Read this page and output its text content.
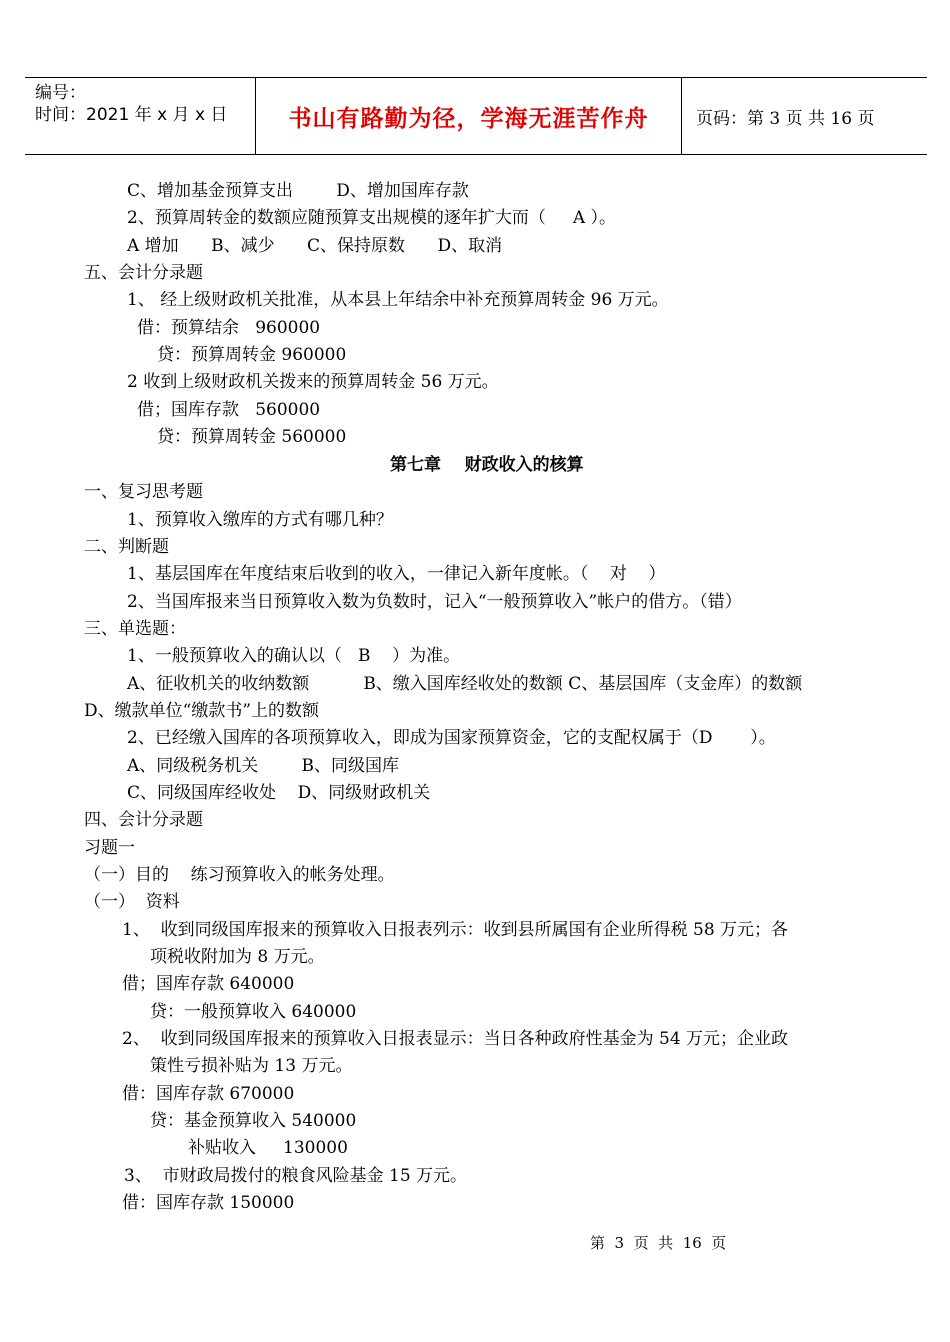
编号：
时间：2021 年 x 月 x 日	书山有路勤为径，学海无涯苦作舟	页码：第 3 页 共 16 页
C、增加基金预算支出        D、增加国库存款
2、预算周转金的数额应随预算支出规模的逐年扩大而（     A ）。
A 增加      B、减少      C、保持原数      D、取消
五、会计分录题
1、 经上级财政机关批准，从本县上年结余中补充预算周转金 96 万元。
借：预算结余   960000
贷：预算周转金 960000
2 收到上级财政机关拨来的预算周转金 56 万元。
借；国库存款   560000
贷：预算周转金 560000
第七章    财政收入的核算
一、复习思考题
1、预算收入缴库的方式有哪几种？
二、判断题
1、基层国库在年度结束后收到的收入，一律记入新年度帐。（    对    ）
2、当国库报来当日预算收入数为负数时，记入“一般预算收入”帐户的借方。（错）
三、单选题：
1、一般预算收入的确认以（   B    ）为准。
A、征收机关的收纳数额          B、缴入国库经收处的数额 C、基层国库（支金库）的数额
D、缴款单位“缴款书”上的数额
2、已经缴入国库的各项预算收入，即成为国家预算资金，它的支配权属于（D       ）。
A、同级税务机关        B、同级国库
C、同级国库经收处    D、同级财政机关
四、会计分录题
习题一
（一）目的    练习预算收入的帐务处理。
（一）  资料
1、  收到同级国库报来的预算收入日报表列示：收到县所属国有企业所得税 58 万元；各
项税收附加为 8 万元。
借；国库存款 640000
贷：一般预算收入 640000
2、  收到同级国库报来的预算收入日报表显示：当日各种政府性基金为 54 万元；企业政
策性亏损补贴为 13 万元。
借：国库存款 670000
贷：基金预算收入 540000
补贴收入     130000
3、  市财政局拨付的粮食风险基金 15 万元。
借：国库存款 150000
第  3  页  共  16  页
